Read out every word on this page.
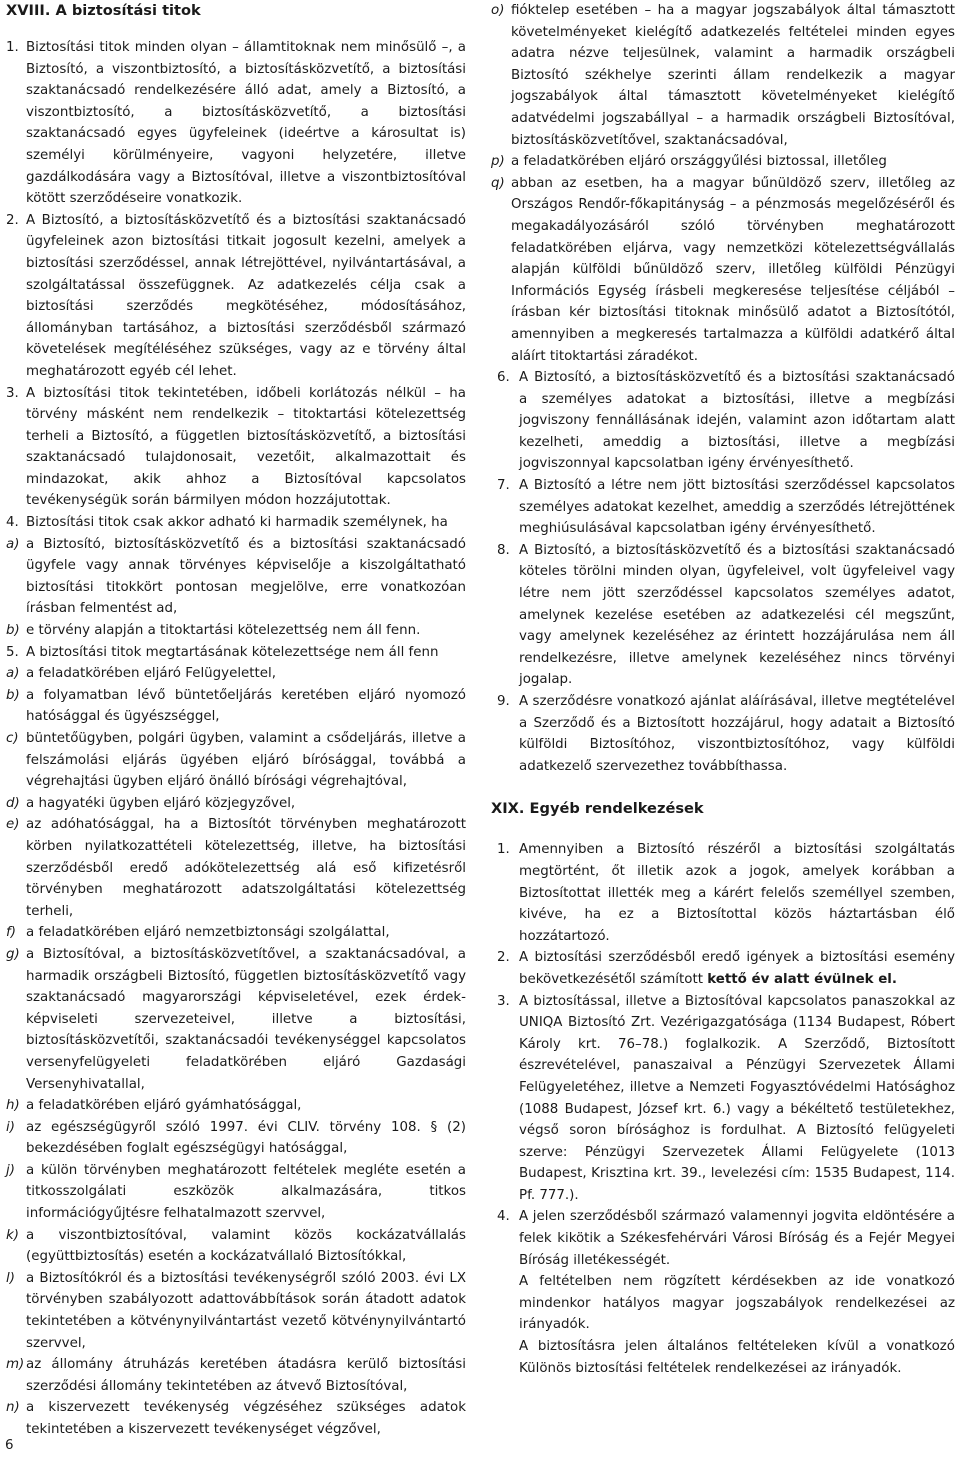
XVIII. A biztosítási titok

1. Biztosítási titok minden olyan – államtitoknak nem minősülő –, a Biztosító, a viszontbiztosító, a biztosításközvetítő, a biztosítási szaktanácsadó rendelkezésére álló adat, amely a Biztosító, a viszontbiztosító, a biztosításközvetítő, a biztosítási szaktanácsadó egyes ügyfeleinek (ideértve a károsultat is) személyi körülményeire, vagyoni helyzetére, illetve gazdálkodására vagy a Biztosítóval, illetve a viszontbiztosítóval kötött szerződéseire vonatkozik.

2. A Biztosító, a biztosításközvetítő és a biztosítási szaktanácsadó ügyfeleinek azon biztosítási titkait jogosult kezelni, amelyek a biztosítási szerződéssel, annak létrejöttével, nyilvántartásával, a szolgáltatással összefüggnek. Az adatkezelés célja csak a biztosítási szerződés megkötéséhez, módosításához, állományban tartásához, a biztosítási szerződésből származó követelések megítéléséhez szükséges, vagy az e törvény által meghatározott egyéb cél lehet.

3. A biztosítási titok tekintetében, időbeli korlátozás nélkül – ha törvény másként nem rendelkezik – titoktartási kötelezettség terheli a Biztosító, a független biztosításközvetítő, a biztosítási szaktanácsadó tulajdonosait, vezetőit, alkalmazottait és mindazokat, akik ahhoz a Biztosítóval kapcsolatos tevékenységük során bármilyen módon hozzájutottak.

4. Biztosítási titok csak akkor adható ki harmadik személynek, ha

a) a Biztosító, biztosításközvetítő és a biztosítási szaktanácsadó ügyfele vagy annak törvényes képviselője a kiszolgáltatható biztosítási titokkört pontosan megjelölve, erre vonatkozóan írásban felmentést ad,

b) e törvény alapján a titoktartási kötelezettség nem áll fenn.

5. A biztosítási titok megtartásának kötelezettsége nem áll fenn

a) a feladatkörében eljáró Felügyelettel,

b) a folyamatban lévő büntetőeljárás keretében eljáró nyomozó hatósággal és ügyészséggel,

c) büntetőügyben, polgári ügyben, valamint a csődeljárás, illetve a felszámolási eljárás ügyében eljáró bírósággal, továbbá a végrehajtási ügyben eljáró önálló bírósági végrehajtóval,

d) a hagyatéki ügyben eljáró közjegyzővel,

e) az adóhatósággal, ha a Biztosítót törvényben meghatározott körben nyilatkozattételi kötelezettség, illetve, ha biztosítási szerződésből eredő adókötelezettség alá eső kifizetésről törvényben meghatározott adatszolgáltatási kötelezettség terheli,

f) a feladatkörében eljáró nemzetbiztonsági szolgálattal,

g) a Biztosítóval, a biztosításközvetítővel, a szaktanácsadóval, a harmadik országbeli Biztosító, független biztosításközvetítő vagy szaktanácsadó magyarországi képviseletével, ezek érdek-képviseleti szervezeteivel, illetve a biztosítási, biztosításközvetítői, szaktanácsadói tevékenységgel kapcsolatos versenyfelügyeleti feladatkörében eljáró Gazdasági Versenyhivatallal,

h) a feladatkörében eljáró gyámhatósággal,

i) az egészségügyről szóló 1997. évi CLIV. törvény 108. § (2) bekezdésében foglalt egészségügyi hatósággal,

j) a külön törvényben meghatározott feltételek megléte esetén a titkosszolgálati eszközök alkalmazására, titkos információgyűjtésre felhatalmazott szervvel,

k) a viszontbiztosítóval, valamint közös kockázatvállalás (együttbiztosítás) esetén a kockázatvállaló Biztosítókkal,

l) a Biztosítókról és a biztosítási tevékenységről szóló 2003. évi LX törvényben szabályozott adattovábbítások során átadott adatok tekintetében a kötvénynyilvántartást vezető kötvénynyilvántartó szervvel,

m) az állomány átruházás keretében átadásra kerülő biztosítási szerződési állomány tekintetében az átvevő Biztosítóval,

n) a kiszervezett tevékenység végzéséhez szükséges adatok tekintetében a kiszervezett tevékenységet végzővel,

o) fióktelep esetében – ha a magyar jogszabályok által támasztott követelményeket kielégítő adatkezelés feltételei minden egyes adatra nézve teljesülnek, valamint a harmadik országbeli Biztosító székhelye szerinti állam rendelkezik a magyar jogszabályok által támasztott követelményeket kielégítő adatvédelmi jogszabállyal – a harmadik országbeli Biztosítóval, biztosításközvetítővel, szaktanácsadóval,

p) a feladatkörében eljáró országgyűlési biztossal, illetőleg

q) abban az esetben, ha a magyar bűnüldöző szerv, illetőleg az Országos Rendőr-főkapitányság – a pénzmosás megelőzéséről és megakadályozásáról szóló törvényben meghatározott feladatkörében eljárva, vagy nemzetközi kötelezettségvállalás alapján külföldi bűnüldöző szerv, illetőleg külföldi Pénzügyi Információs Egység írásbeli megkeresése teljesítése céljából – írásban kér biztosítási titoknak minősülő adatot a Biztosítótól, amennyiben a megkeresés tartalmazza a külföldi adatkérő által aláírt titoktartási záradékot.

6. A Biztosító, a biztosításközvetítő és a biztosítási szaktanácsadó a személyes adatokat a biztosítási, illetve a megbízási jogviszony fennállásának idején, valamint azon időtartam alatt kezelheti, ameddig a biztosítási, illetve a megbízási jogviszonnyal kapcsolatban igény érvényesíthető.

7. A Biztosító a létre nem jött biztosítási szerződéssel kapcsolatos személyes adatokat kezelhet, ameddig a szerződés létrejöttének meghiúsulásával kapcsolatban igény érvényesíthető.

8. A Biztosító, a biztosításközvetítő és a biztosítási szaktanácsadó köteles törölni minden olyan, ügyfeleivel, volt ügyfeleivel vagy létre nem jött szerződéssel kapcsolatos személyes adatot, amelynek kezelése esetében az adatkezelési cél megszűnt, vagy amelynek kezeléséhez az érintett hozzájárulása nem áll rendelkezésre, illetve amelynek kezeléséhez nincs törvényi jogalap.

9. A szerződésre vonatkozó ajánlat aláírásával, illetve megtételével a Szerződő és a Biztosított hozzájárul, hogy adatait a Biztosító külföldi Biztosítóhoz, viszontbiztosítóhoz, vagy külföldi adatkezelő szervezethez továbbíthassa.

XIX. Egyéb rendelkezések

1. Amennyiben a Biztosító részéről a biztosítási szolgáltatás megtörtént, őt illetik azok a jogok, amelyek korábban a Biztosítottat illették meg a kárért felelős személlyel szemben, kivéve, ha ez a Biztosítottal közös háztartásban élő hozzátartozó.

2. A biztosítási szerződésből eredő igények a biztosítási esemény bekövetkezésétől számított kettő év alatt évülnek el.

3. A biztosítással, illetve a Biztosítóval kapcsolatos panaszokkal az UNIQA Biztosító Zrt. Vezérigazgatósága (1134 Budapest, Róbert Károly krt. 76–78.) foglalkozik. A Szerződő, Biztosított észrevételével, panaszaival a Pénzügyi Szervezetek Állami Felügyeletéhez, illetve a Nemzeti Fogyasztóvédelmi Hatósághoz (1088 Budapest, József krt. 6.) vagy a békéltető testületekhez, végső soron bírósághoz is fordulhat. A Biztosító felügyeleti szerve: Pénzügyi Szervezetek Állami Felügyelete (1013 Budapest, Krisztina krt. 39., levelezési cím: 1535 Budapest, 114. Pf. 777.).

4. A jelen szerződésből származó valamennyi jogvita eldöntésére a felek kikötik a Székesfehérvári Városi Bíróság és a Fejér Megyei Bíróság illetékességét.

A feltételben nem rögzített kérdésekben az ide vonatkozó mindenkor hatályos magyar jogszabályok rendelkezései az irányadók.

A biztosításra jelen általános feltételeken kívül a vonatkozó Különös biztosítási feltételek rendelkezései az irányadók.

6
